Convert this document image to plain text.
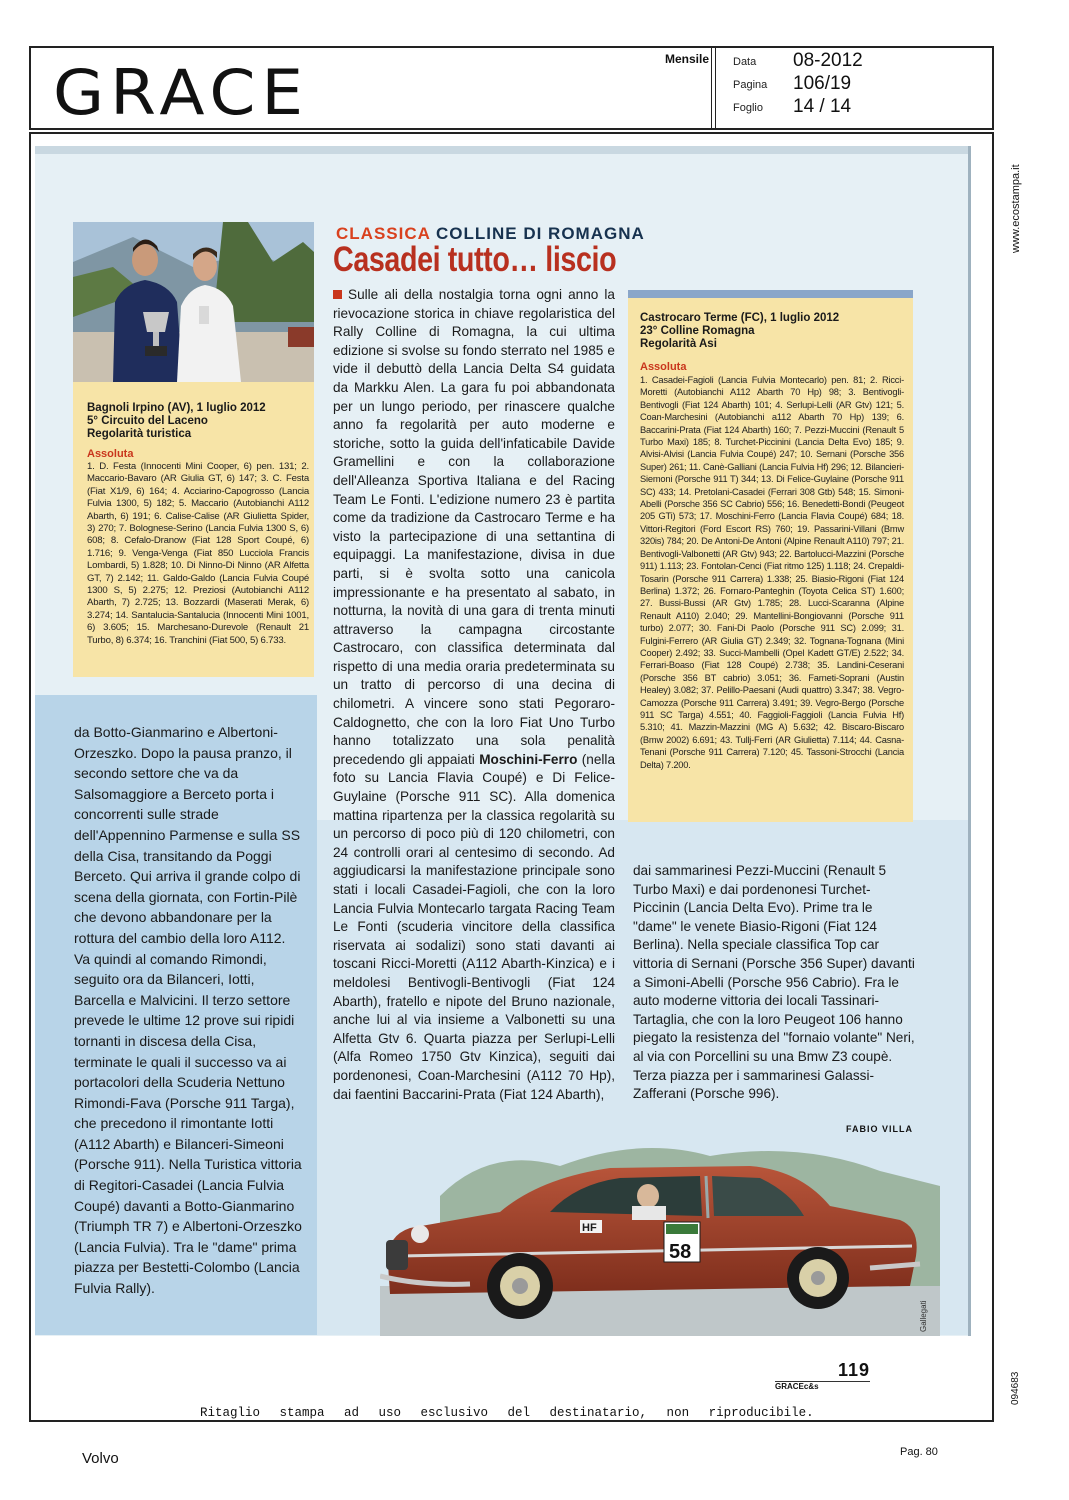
GRACE	Mensile Data 08-2012
Pagina 106/19
Foglio 14 / 14
www.ecostampa.it
094683
Bagnoli Irpino (AV), 1 luglio 2012
5° Circuito del Laceno
Regolarità turistica
Assoluta
1. D. Festa (Innocenti Mini Cooper, 6) pen. 131; 2. Maccario-Bavaro (AR Giulia GT, 6) 147; 3. C. Festa (Fiat X1/9, 6) 164; 4. Acciarino-Capogrosso (Lancia Fulvia 1300, 5) 182; 5. Maccario (Autobianchi A112 Abarth, 6) 191; 6. Calise-Calise (AR Giulietta Spider, 3) 270; 7. Bolognese-Serino (Lancia Fulvia 1300 S, 6) 608; 8. Cefalo-Dranow (Fiat 128 Sport Coupé, 6) 1.716; 9. Venga-Venga (Fiat 850 Lucciola Francis Lombardi, 5) 1.828; 10. Di Ninno-Di Ninno (AR Alfetta GT, 7) 2.142; 11. Galdo-Galdo (Lancia Fulvia Coupé 1300 S, 5) 2.275; 12. Preziosi (Autobianchi A112 Abarth, 7) 2.725; 13. Bozzardi (Maserati Merak, 6) 3.274; 14. Santalucia-Santalucia (Innocenti Mini 1001, 6) 3.605; 15. Marchesano-Durevole (Renault 21 Turbo, 8) 6.374; 16. Tranchini (Fiat 500, 5) 6.733.
Castrocaro Terme (FC), 1 luglio 2012
23° Colline Romagna
Regolarità Asi
Assoluta
1. Casadei-Fagioli (Lancia Fulvia Montecarlo) pen. 81; 2. Ricci-Moretti (Autobianchi A112 Abarth 70 Hp) 98; 3. Bentivogli-Bentivogli (Fiat 124 Abarth) 101; 4. Serlupi-Lelli (AR Gtv) 121; 5. Coan-Marchesini (Autobianchi a112 Abarth 70 Hp) 139; 6. Baccarini-Prata (Fiat 124 Abarth) 160; 7. Pezzi-Muccini (Renault 5 Turbo Maxi) 185; 8. Turchet-Piccinini (Lancia Delta Evo) 185; 9. Alvisi-Alvisi (Lancia Fulvia Coupé) 247; 10. Sernani (Porsche 356 Super) 261; 11. Canè-Galliani (Lancia Fulvia Hf) 296; 12. Bilancieri-Siemoni (Porsche 911 T) 344; 13. Di Felice-Guylaine (Porsche 911 SC) 433; 14. Pretolani-Casadei (Ferrari 308 Gtb) 548; 15. Simoni-Abelli (Porsche 356 SC Cabrio) 556; 16. Benedetti-Bondi (Peugeot 205 GTi) 573; 17. Moschini-Ferro (Lancia Flavia Coupé) 684; 18. Vittori-Regitori (Ford Escort RS) 760; 19. Passarini-Villani (Bmw 320is) 784; 20. De Antoni-De Antoni (Alpine Renault A110) 797; 21. Bentivogli-Valbonetti (AR Gtv) 943; 22. Bartolucci-Mazzini (Porsche 911) 1.113; 23. Fontolan-Cenci (Fiat ritmo 125) 1.118; 24. Crepaldi-Tosarin (Porsche 911 Carrera) 1.338; 25. Biasio-Rigoni (Fiat 124 Berlina) 1.372; 26. Fornaro-Panteghin (Toyota Celica ST) 1.600; 27. Bussi-Bussi (AR Gtv) 1.785; 28. Lucci-Scaranna (Alpine Renault A110) 2.040; 29. Mantellini-Bongiovanni (Porsche 911 turbo) 2.077; 30. Fani-Di Paolo (Porsche 911 SC) 2.099; 31. Fulgini-Ferrero (AR Giulia GT) 2.349; 32. Tognana-Tognana (Mini Cooper) 2.492; 33. Succi-Mambelli (Opel Kadett GT/E) 2.522; 34. Ferrari-Boaso (Fiat 128 Coupé) 2.738; 35. Landini-Ceserani (Porsche 356 BT cabrio) 3.051; 36. Farneti-Soprani (Austin Healey) 3.082; 37. Pelillo-Paesani (Audi quattro) 3.347; 38. Vegro-Camozza (Porsche 911 Carrera) 3.491; 39. Vegro-Bergo (Porsche 911 SC Targa) 4.551; 40. Faggioli-Faggioli (Lancia Fulvia Hf) 5.310; 41. Mazzin-Mazzini (MG A) 5.632; 42. Biscaro-Biscaro (Bmw 2002) 6.691; 43. Tullj-Ferri (AR Giulietta) 7.114; 44. Casna-Tenani (Porsche 911 Carrera) 7.120; 45. Tassoni-Strocchi (Lancia Delta) 7.200.
CLASSICA COLLINE DI ROMAGNA
Casadei tutto… liscio
Sulle ali della nostalgia torna ogni anno la rievocazione storica in chiave regolaristica del Rally Colline di Romagna, la cui ultima edizione si svolse su fondo sterrato nel 1985 e vide il debuttò della Lancia Delta S4 guidata da Markku Alen. La gara fu poi abbandonata per un lungo periodo, per rinascere qualche anno fa regolarità per auto moderne e storiche, sotto la guida dell'infaticabile Davide Gramellini e con la collaborazione dell'Alleanza Sportiva Italiana e del Racing Team Le Fonti. L'edizione numero 23 è partita come da tradizione da Castrocaro Terme e ha visto la partecipazione di una settantina di equipaggi. La manifestazione, divisa in due parti, si è svolta sotto una canicola impressionante e ha presentato al sabato, in notturna, la novità di una gara di trenta minuti attraverso la campagna circostante Castrocaro, con classifica determinata dal rispetto di una media oraria predeterminata su un tratto di percorso di una decina di chilometri. A vincere sono stati Pegoraro-Caldognetto, che con la loro Fiat Uno Turbo hanno totalizzato una sola penalità precedendo gli appaiati Moschini-Ferro (nella foto su Lancia Flavia Coupé) e Di Felice-Guylaine (Porsche 911 SC). Alla domenica mattina ripartenza per la classica regolarità su un percorso di poco più di 120 chilometri, con 24 controlli orari al centesimo di secondo. Ad aggiudicarsi la manifestazione principale sono stati i locali Casadei-Fagioli, che con la loro Lancia Fulvia Montecarlo targata Racing Team Le Fonti (scuderia vincitore della classifica riservata ai sodalizi) sono stati davanti ai toscani Ricci-Moretti (A112 Abarth-Kinzica) e i meldolesi Bentivogli-Bentivogli (Fiat 124 Abarth), fratello e nipote del Bruno nazionale, anche lui al via insieme a Valbonetti su una Alfetta Gtv 6. Quarta piazza per Serlupi-Lelli (Alfa Romeo 1750 Gtv Kinzica), seguiti dai pordenonesi, Coan-Marchesini (A112 70 Hp), dai faentini Baccarini-Prata (Fiat 124 Abarth),
dai sammarinesi Pezzi-Muccini (Renault 5 Turbo Maxi) e dai pordenonesi Turchet-Piccinin (Lancia Delta Evo). Prime tra le "dame" le venete Biasio-Rigoni (Fiat 124 Berlina). Nella speciale classifica Top car vittoria di Sernani (Porsche 356 Super) davanti a Simoni-Abelli (Porsche 956 Cabrio). Fra le auto moderne vittoria dei locali Tassinari-Tartaglia, che con la loro Peugeot 106 hanno piegato la resistenza del "fornaio volante" Neri, al via con Porcellini su una Bmw Z3 coupè. Terza piazza per i sammarinesi Galassi-Zafferani (Porsche 996).
FABIO VILLA
da Botto-Gianmarino e Albertoni-Orzeszko. Dopo la pausa pranzo, il secondo settore che va da Salsomaggiore a Berceto porta i concorrenti sulle strade dell'Appennino Parmense e sulla SS della Cisa, transitando da Poggi Berceto. Qui arriva il grande colpo di scena della giornata, con Fortin-Pilè che devono abbandonare per la rottura del cambio della loro A112. Va quindi al comando Rimondi, seguito ora da Bilanceri, Iotti, Barcella e Malvicini. Il terzo settore prevede le ultime 12 prove sui ripidi tornanti in discesa della Cisa, terminate le quali il successo va ai portacolori della Scuderia Nettuno Rimondi-Fava (Porsche 911 Targa), che precedono il rimontante Iotti (A112 Abarth) e Bilanceri-Simeoni (Porsche 911). Nella Turistica vittoria di Regitori-Casadei (Lancia Fulvia Coupé) davanti a Botto-Gianmarino (Triumph TR 7) e Albertoni-Orzeszko (Lancia Fulvia). Tra le "dame" prima piazza per Bestetti-Colombo (Lancia Fulvia Rally).
HF
58
Gallegati
119
GRACEc&s
Ritaglio stampa ad uso esclusivo del destinatario, non riproducibile.
Volvo	Pag. 80
